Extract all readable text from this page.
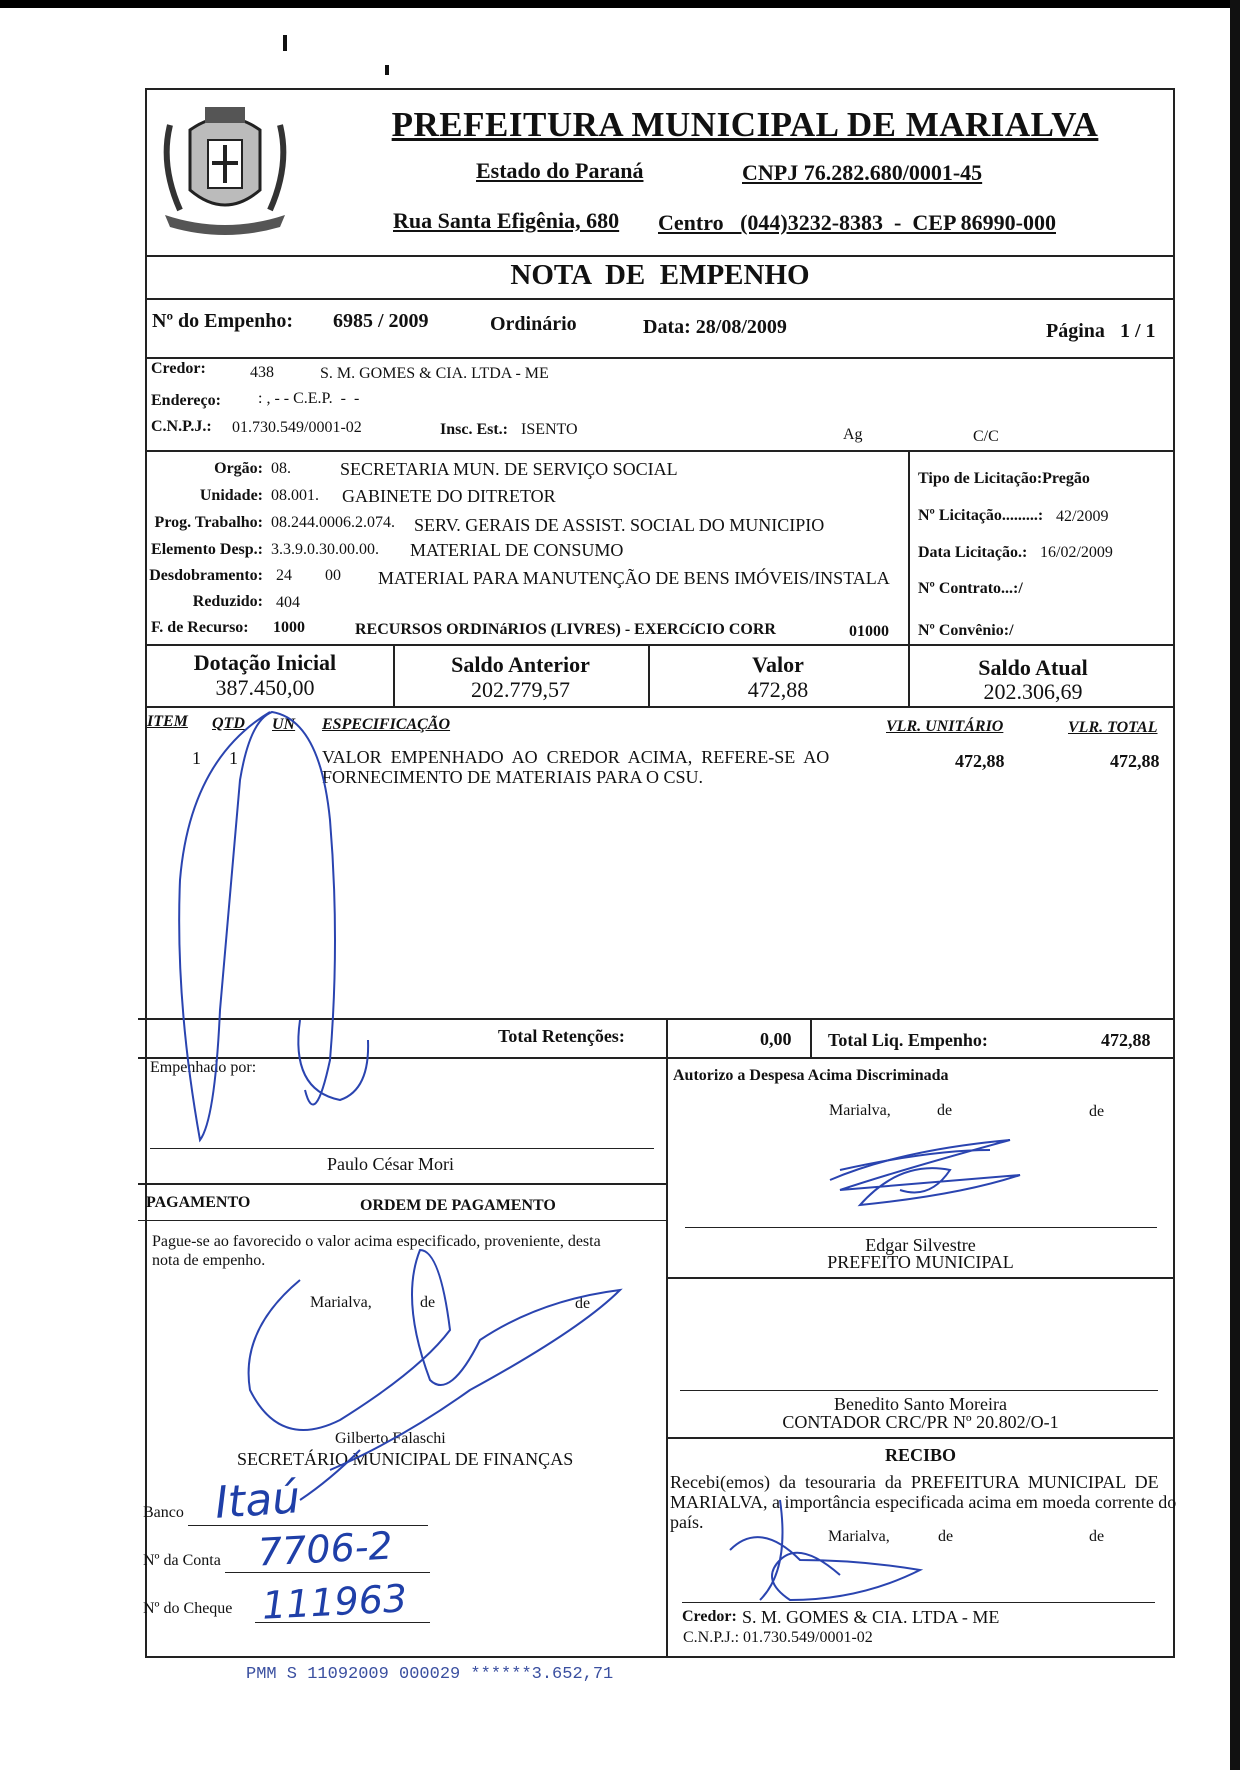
PREFEITURA MUNICIPAL DE MARIALVA
Estado do Paraná	CNPJ 76.282.680/0001-45
Rua Santa Efigênia, 680 Centro   (044)3232-8383  -  CEP 86990-000
NOTA  DE  EMPENHO
Nº do Empenho: 6985 / 2009	Ordinário	Data: 28/08/2009	Página 1 / 1
Credor:	438	S. M. GOMES & CIA. LTDA - ME
Endereço: : , - - C.E.P.  -  -
C.N.P.J.: 01.730.549/0001-02	Insc. Est.: ISENTO	Ag	C/C
Orgão: 08.	SECRETARIA MUN. DE SERVIÇO SOCIAL
Unidade: 08.001. GABINETE DO DITRETOR
Prog. Trabalho: 08.244.0006.2.074. SERV. GERAIS DE ASSIST. SOCIAL DO MUNICIPIO
Elemento Desp.: 3.3.9.0.30.00.00. MATERIAL DE CONSUMO
Desdobramento: 24 00 MATERIAL PARA MANUTENÇÃO DE BENS IMÓVEIS/INSTALA
Reduzido: 404
F. de Recurso: 1000	RECURSOS ORDINáRIOS (LIVRES) - EXERCíCIO CORR	01000
Tipo de Licitação:Pregão
Nº Licitação.........: 42/2009
Data Licitação.: 16/02/2009
Nº Contrato...:/
Nº Convênio:/
Dotação Inicial
387.450,00
Saldo Anterior
202.779,57
Valor
472,88
Saldo Atual
202.306,69
ITEM QTD UN ESPECIFICAÇÃO	VLR. UNITÁRIO	VLR. TOTAL
1 1	VALOR  EMPENHADO  AO  CREDOR  ACIMA,  REFERE-SE  AO
FORNECIMENTO DE MATERIAIS PARA O CSU.
472,88	472,88
Total Retenções:	0,00 Total Liq. Empenho:	472,88
Empenhado por:
Paulo César Mori
PAGAMENTO	ORDEM DE PAGAMENTO
Pague-se ao favorecido o valor acima especificado, proveniente, desta
nota de empenho.
Marialva,	de	de
Gilberto Falaschi
SECRETÁRIO MUNICIPAL DE FINANÇAS
Banco Itaú
Nº da Conta 7706-2
Nº do Cheque 111963
Autorizo a Despesa Acima Discriminada
Marialva,	de	de
Edgar Silvestre
PREFEITO MUNICIPAL
Benedito Santo Moreira
CONTADOR CRC/PR Nº 20.802/O-1
RECIBO
Recebi(emos)  da  tesouraria  da  PREFEITURA  MUNICIPAL  DE
MARIALVA, a importância especificada acima em moeda corrente do
país.
Marialva,	de	de
Credor: S. M. GOMES & CIA. LTDA - ME
C.N.P.J.: 01.730.549/0001-02
PMM S 11092009 000029 ******3.652,71
